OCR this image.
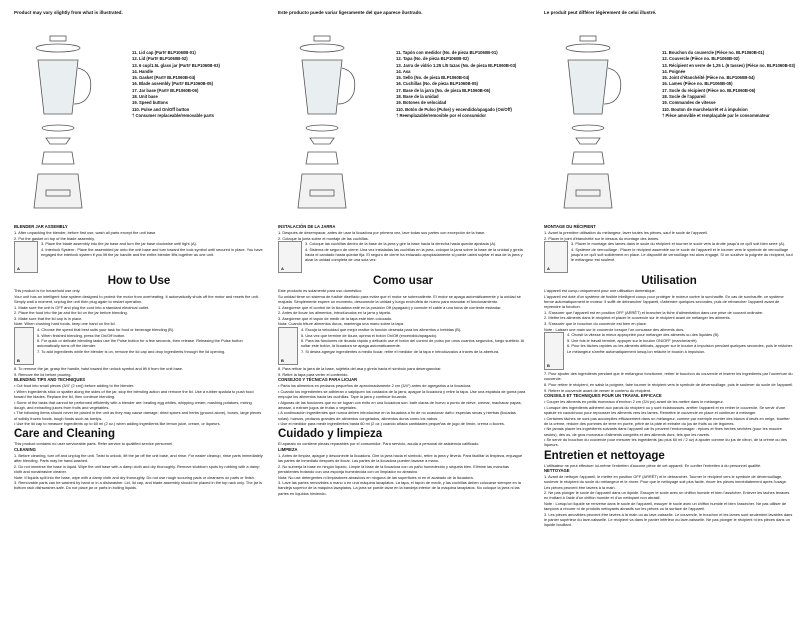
Product may vary slightly from what is illustrated.
11. Lid cap (Part# BLP1060B-01)
12. Lid (Part# BLP1060B-02)
13. 6 cup/1.5L glass jar (Part# BLP1060B-03)
14. Handle
15. Gasket (Part# BLP1060B-04)
16. Blade assembly (Part# BLP1060B-05)
17. Jar base (Part# BLP1060B-06)
18. Unit base
19. Speed buttons
110. Pulse and On/Off button
† Consumer replaceable/removable parts
BLENDER JAR ASSEMBLY
1. After unpacking the blender, before first use, wash all parts except the unit base.
2. Put the gasket on top of the blade assembly.
A
3. Place the blade assembly into the jar base and turn the jar base clockwise until tight (A).
4. Interlock System : Place the assembled jar onto the unit base and turn toward the lock symbol until secured in place. You have engaged the interlock system if you lift the jar handle and the entire blender lifts together as one unit.
How to Use
This product is for household use only.
Your unit has an intelligent fuse system designed to protect the motor from overheating. It automatically shuts off the motor and resets the unit. Simply wait a moment, unplug the unit then plug again to restart operation.
1. Make sure the unit is OFF and plug the cord into a standard electrical outlet.
2. Place the food into the jar and the lid on the jar before blending.
3. Make sure that the lid cap is in place.
Note: When crushing hard foods, keep one hand on the lid.
B
4. Choose the speed that best suits your task for food or beverage blending (B).
5. When finished blending, press the On/Off button.
6. For quick or delicate blending tasks use the Pulse button for a few seconds, then release. Releasing the Pulse button automatically turns off the blender.
7. To add ingredients while the blender is on, remove the lid cap and drop ingredients through the lid opening.
8. To remove the jar, grasp the handle, twist toward the unlock symbol and lift it from the unit base.
9. Remove the lid before pouring.
BLENDING TIPS AND TECHNIQUES
• Cut food into small pieces (3/4" (2 cm)) before adding to the blender.
• When ingredients stick or spatter along the sides of the jar, stop the blending action and remove the lid. Use a rubber spatula to push food toward the blades. Replace the lid, then continue blending.
• Some of the tasks that cannot be performed efficiently with a blender are: beating egg whites, whipping cream, mashing potatoes, mixing dough, and extracting juices from fruits and vegetables.
• The following items should never be placed in the unit as they may cause damage: dried spices and herbs (ground alone), bones, large pieces of solidly frozen foods, tough foods such as turnips.
• Use the lid cap to measure ingredients up to 60 ml (2 oz.) when adding ingredients like lemon juice, cream, or liqueurs.
Care and Cleaning
This product contains no user serviceable parts. Refer service to qualified service personnel.
CLEANING
1. Before cleaning, turn off and unplug the unit. Twist to unlock, lift the jar off the unit base, and rinse. For easier cleanup, rinse parts immediately after blending. Parts may be hand-washed.
2. Do not immerse the base in liquid. Wipe the unit base with a damp cloth and dry thoroughly. Remove stubborn spots by rubbing with a damp cloth and nonabrasive cleaner.
Note: If liquids spill into the base, wipe with a damp cloth and dry thoroughly. Do not use rough scouring pads or cleansers on parts or finish.
3. Removable parts can be washed by hand or in a dishwasher. Lid, lid cap, and blade assembly should be placed in the top rack only. The jar is bottom rack dishwasher-safe. Do not place jar or parts in boiling liquids.
Este producto puede variar ligeramente del que aparece ilustrado.
11. Tapón con medidor (No. de pieza BLP1060B-01)
12. Tapa (No. de pieza BLP1060B-02)
13. Jarra de vidrio 1.25 L/5 tazas (No. de pieza BLP1060B-03)
14. Asa
15. Sello (No. de pieza BLP1060B-04)
16. Cuchillas (No. de pieza BLP1060B-05)
17. Base de la jarra (No. de pieza BLP1060B-06)
18. Base de la unidad
19. Botones de velocidad
110. Botón de Pulso (Pulse) y encendido/apagado (On/Off)
† Reemplazable/removible por el consumidor
INSTALACIÓN DE LA JARRA
1. Después de desempacar, antes de usar la licuadora por primera vez, lave todas sus partes con excepción de la base.
2. Coloque la junta sobre el montaje de las cuchillas.
A
3. Coloque las cuchillas dentro de la base de la jarra y gire la base hacia la derecha hasta quedar ajustada (A).
4. Sistema de seguro de cierre: Una vez instaladas las cuchillas en la jarra, coloque la jarra sobre la base de la unidad y gírela hacia el candado hasta quedar fija. El seguro de cierre ha enlazado apropiadamente si puede usted sujetar el asa de la jarra y alzar la unidad completa de una sola vez.
Como usar
Este producto es solamente para uso doméstico.
Su unidad tiene un sistema de fusible diseñado para evitar que el motor se sobrecaliente. El motor se apaga automáticamente y la unidad se reajusta. Simplemente espere un momento, desconecte la unidad y luego enchúfela de nuevo para reanudar el funcionamiento.
1. Asegúrese que el control de la licuadora esté en la posición Off (apagado) y conecte el cable a una toma de corriente estándar.
2. Antes de licuar los alimentos, introdúzcalos en la jarra y tápela.
3. Asegúrese que el tapón de medir de la tapa esté bien colocado.
Nota: Cuando triture alimentos duros, mantenga una mano sobre la tapa.
B
4. Escoja la velocidad que mejor realice la función deseada para los alimentos o bebidas (B).
5. Una vez que termine de licuar, oprima el botón On/Off (encendido/apagado).
6. Para las funciones de licuado rápido y delicado use el botón del control de pulso por unos cuantos segundos, luego suéltelo. Al soltar este botón, la licuadora se apaga automáticamente.
7. Si desea agregar ingredientes a medio licuar, retire el medidor de la tapa e introdúzcalos a través de la abertura.
8. Para retirar la jarra de la base, sujétela del asa y gírela hacia el símbolo para desenganchar.
9. Retire la tapa para verter el contenido.
CONSEJOS Y TÉCNICAS PARA LICUAR
• Parta los alimentos en pedazos pequeños de aproximadamente 2 cm (3/4") antes de agregarlos a la licuadora.
• Cuando los ingredientes se adhieran o salpiquen los costados de la jarra, apague la licuadora y retire la tapa. Use una espátula de goma para empujar los alimentos hacia las cuchillas. Tape la jarra y continúe licuando.
• Algunas de las funciones que no se logran con éxito en una licuadora son: batir claras de huevo a punto de nieve, cremar, machacar papas, amasar, o extraer jugos de frutas o vegetales.
• A continuación ingredientes que nunca deben introducirse en la licuadora a fin de no ocasionar daño: especias secas y hierbas (licuadas solas), huesos, pedazos grandes de alimentos congelados, alimentos duros como los nabos.
• Use el medidor para medir ingredientes hasta 60 ml (2 oz.) cuando añada cantidades pequeñas de jugo de limón, crema o licores.
Cuidado y limpieza
El aparato no contiene piezas reparables por el consumidor. Para servicio, acuda a personal de asistencia calificado.
LIMPIEZA
1. Antes de limpiar, apague y desconecte la licuadora. Gire la jarra hacia el símbolo, retire la jarra y llévela. Para facilitar la limpieza, enjuague las partes de inmediato después de licuar. Las partes de la licuadora pueden lavarse a mano.
2. No sumerja la base en ningún líquido. Limpie la base de la licuadora con un paño humedecido y séquela bien. Elimine las manchas persistentes frotando con una esponja humedecida con un limpiador no abrasivo.
Nota: No use detergentes ni limpiadores abrasivos en ninguna de las superficies ni en el acabado de la licuadora.
3. Lave las partes removibles a mano o en una máquina lavaplatos. La tapa, el tapón de medir, y las cuchillas deben colocarse siempre en la bandeja superior de la máquina lavaplatos. La jarra se puede lavar en la bandeja inferior de la máquina lavaplatos. No coloque la jarra ni las partes en líquidos hirviendo.
Le produit peut différer légèrement de celui illustré.
11. Bouchon du couvercle (Pièce no. BLP1060B-01)
12. Couvercle (Pièce no. BLP1060B-02)
13. Récipient en verre de 1,25 L (6 tasses) (Pièce no. BLP1060B-03)
14. Poignée
15. Joint d'étanchéité (Pièce no. BLP1060B-04)
16. Lames (Pièce no. BLP1060B-05)
17. Socle du récipient (Pièce no. BLP1060B-06)
18. Socle de l'appareil
19. Commandes de vitesse
110. Bouton de marche/arrêt et à impulsion
† Pièce amovible et remplaçable par le consommateur
MONTAGE DU RÉCIPIENT
1. Avant la première utilisation du mélangeur, laver toutes les pièces, sauf le socle de l'appareil.
2. Placer le joint d'étanchéité sur le dessus du montage des lames.
A
3. Placer le montage des lames dans le socle du récipient et tourner le socle vers la droite jusqu'à ce qu'il soit bien serré (A).
4. Système de verrouillage : Placer le récipient assemblé sur le socle de l'appareil et le tourner vers le symbole de verrouillage jusqu'à ce qu'il soit solidement en place. Le dispositif de verrouillage est alors engagé. Si on soulève la poignée du récipient, tout le mélangeur est soulevé.
Utilisation
L'appareil est conçu uniquement pour une utilisation domestique.
L'appareil est doté d'un système de fusible intelligent conçu pour protéger le moteur contre la surchauffe. En cas de surchauffe, ce système ferme automatiquement le moteur. Il suffit de débrancher l'appareil, d'attendre quelques secondes, puis de rebrancher l'appareil avant de reprendre la fonction.
1. S'assurer que l'appareil est en position OFF (ARRÊT) et brancher la fiche d'alimentation dans une prise de courant ordinaire.
2. Mettre les aliments dans le récipient et placer le couvercle sur le récipient avant de mélanger les aliments.
3. S'assurer que le bouchon du couvercle est bien en place.
Note : Laisser une main sur le couvercle lorsque l'on concasse des aliments durs.
B
4. Choisir la vitesse la mieux appropriée pour mélanger des aliments ou des liquides (B).
5. Une fois le travail terminé, appuyer sur le bouton ON/OFF (marche/arrêt).
6. Pour les tâches rapides ou les aliments délicats, appuyer sur le bouton à impulsion pendant quelques secondes, puis le relâcher. Le mélangeur s'arrête automatiquement lorsqu'on relâche le bouton à impulsion.
7. Pour ajouter des ingrédients pendant que le mélangeur fonctionne, retirer le bouchon du couvercle et insérer les ingrédients par l'ouverture du couvercle.
8. Pour retirer le récipient, en saisir la poignée, faire tourner le récipient vers le symbole de déverrouillage, puis le soulever du socle de l'appareil.
9. Retirer le couvercle avant de verser le contenu du récipient.
CONSEILS ET TECHNIQUES POUR UN TRAVAIL EFFICACE
• Couper les aliments en petits morceaux d'environ 2 cm (3/4 po) avant de les mettre dans le mélangeur.
• Lorsque des ingrédients adhèrent aux parois du récipient ou y sont éclaboussés, arrêter l'appareil et en retirer le couvercle. Se servir d'une spatule en caoutchouc pour repousser les aliments vers les lames. Remettre le couvercle en place et continuer à mélanger.
• Certaines tâches ne sont pas accomplies efficacement dans un mélangeur, comme par exemple monter des blancs d'oeufs en neige, fouetter de la crème, réduire des pommes de terre en purée, pétrir de la pâte et extraire du jus de fruits ou de légumes.
• Ne jamais placer les ingrédients suivants dans l'appareil car ils peuvent l'endommager : épices et fines herbes séchées (pour les moudre seules), des os, de gros morceaux d'aliments congelés et des aliments durs, tels que les navets.
• Se servir du bouchon du couvercle pour mesurer les ingrédients (au plus 60 ml / 2 oz) à ajouter comme du jus de citron, de la crème ou des liqueurs.
Entretien et nettoyage
L'utilisateur ne peut effectuer lui-même l'entretien d'aucune pièce de cet appareil. En confier l'entretien à du personnel qualifié.
NETTOYAGE
1. Avant de nettoyer l'appareil, le mettre en position OFF (ARRÊT) et le débrancher. Tourner le récipient vers le symbole de déverrouillage, soulever le récipient du socle du mélangeur et le rincer. Pour que le nettoyage soit plus facile, rincer les pièces immédiatement après l'usage. Les pièces peuvent être lavées à la main.
2. Ne pas plonger le socle de l'appareil dans un liquide. Essuyer le socle avec un chiffon humide et bien l'assécher. Enlever les taches tenaces en frottant à l'aide d'un chiffon humide et d'un nettoyant non abrasif.
Note : Lorsqu'un liquide se renverse dans le socle de l'appareil, essuyer le socle avec un chiffon humide et bien l'assécher. Ne pas utiliser de tampons à récurer ni de produits nettoyants abrasifs sur les pièces ou la surface de l'appareil.
3. Les pièces amovibles peuvent être lavées à la main ou au lave-vaisselle. Le couvercle, le bouchon et les lames sont seulement lavables dans le panier supérieur du lave-vaisselle. Le récipient va dans le panier inférieur du lave-vaisselle. Ne pas plonger le récipient ni les pièces dans un liquide bouillant.
